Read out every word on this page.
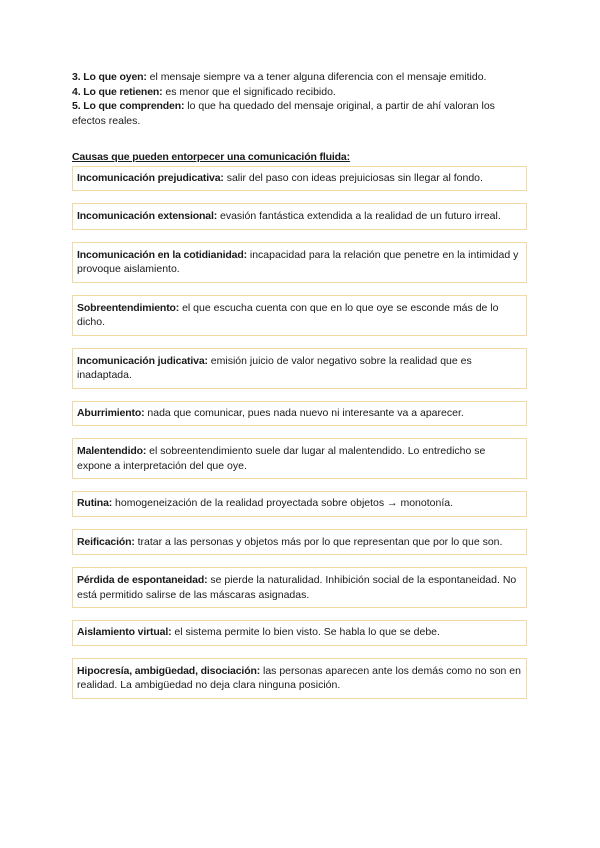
3. Lo que oyen: el mensaje siempre va a tener alguna diferencia con el mensaje emitido.

4. Lo que retienen: es menor que el significado recibido.

5. Lo que comprenden: lo que ha quedado del mensaje original, a partir de ahí valoran los efectos reales.

Causas que pueden entorpecer una comunicación fluida:
Incomunicación prejudicativa: salir del paso con ideas prejuiciosas sin llegar al fondo.
Incomunicación extensional: evasión fantástica extendida a la realidad de un futuro irreal.
Incomunicación en la cotidianidad: incapacidad para la relación que penetre en la intimidad y provoque aislamiento.
Sobreentendimiento: el que escucha cuenta con que en lo que oye se esconde más de lo dicho.
Incomunicación judicativa: emisión juicio de valor negativo sobre la realidad que es inadaptada.
Aburrimiento: nada que comunicar, pues nada nuevo ni interesante va a aparecer.
Malentendido: el sobreentendimiento suele dar lugar al malentendido. Lo entredicho se expone a interpretación del que oye.
Rutina: homogeneización de la realidad proyectada sobre objetos → monotonía.
Reificación: tratar a las personas y objetos más por lo que representan que por lo que son.
Pérdida de espontaneidad: se pierde la naturalidad. Inhibición social de la espontaneidad. No está permitido salirse de las máscaras asignadas.
Aislamiento virtual: el sistema permite lo bien visto. Se habla lo que se debe.
Hipocresía, ambigüedad, disociación: las personas aparecen ante los demás como no son en realidad. La ambigüedad no deja clara ninguna posición.
